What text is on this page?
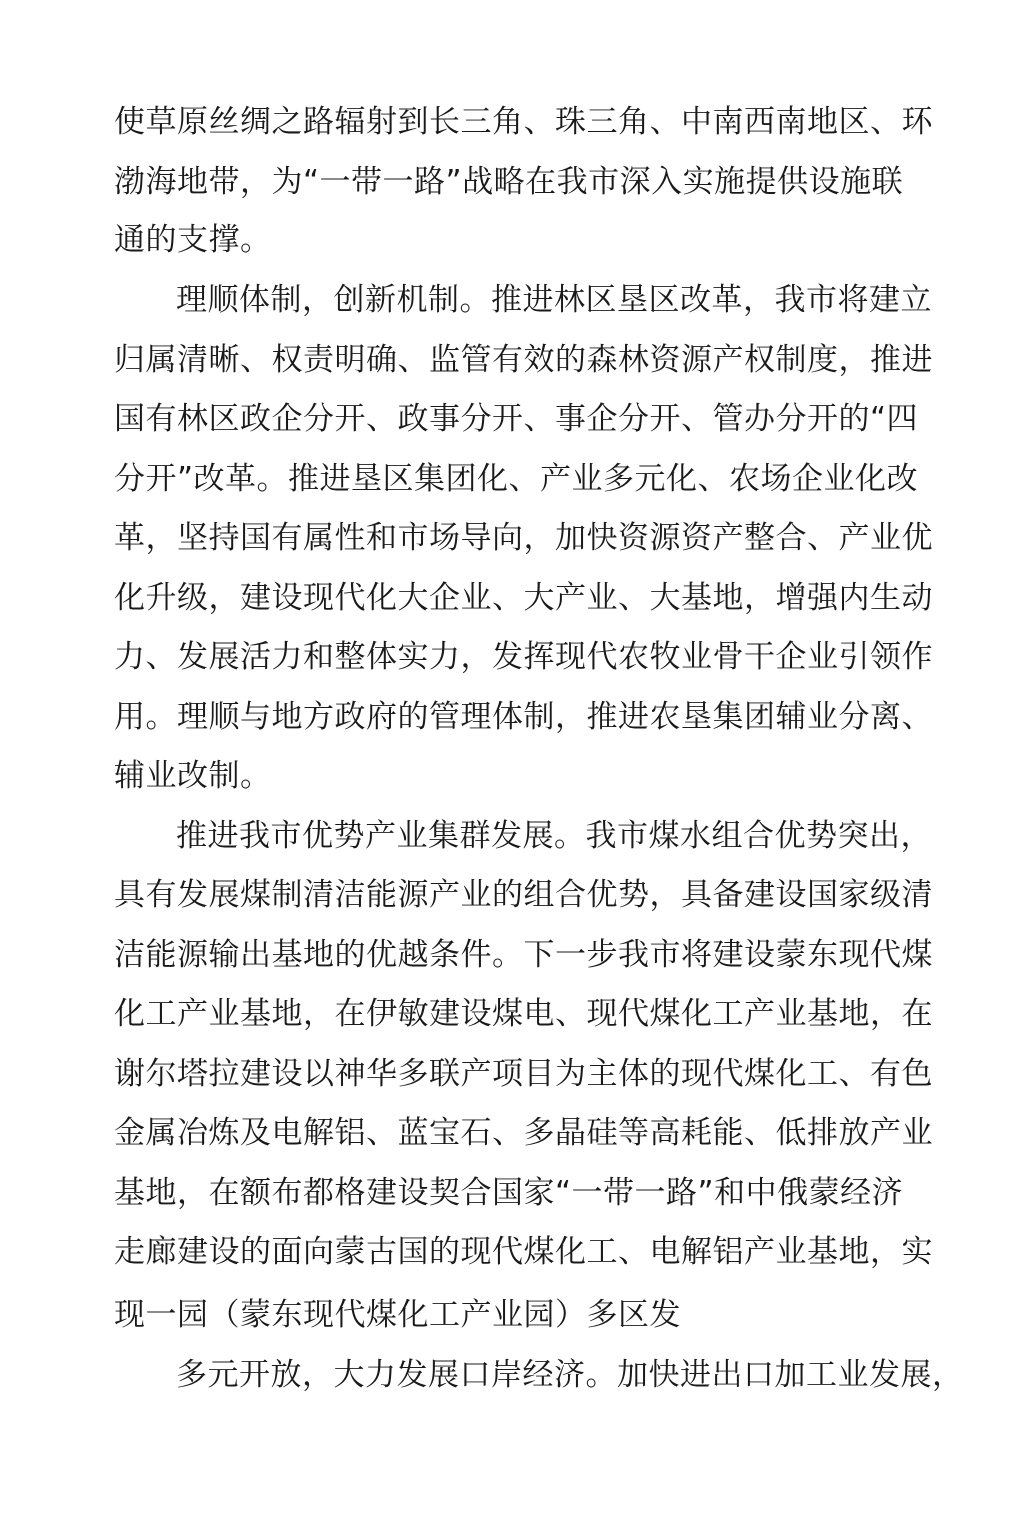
使草原丝绸之路辐射到长三角、珠三角、中南西南地区、环
渤海地带，为“一带一路”战略在我市深入实施提供设施联
通的支撑。
理顺体制，创新机制。推进林区垦区改革，我市将建立
归属清晰、权责明确、监管有效的森林资源产权制度，推进
国有林区政企分开、政事分开、事企分开、管办分开的“四
分开”改革。推进垦区集团化、产业多元化、农场企业化改
革，坚持国有属性和市场导向，加快资源资产整合、产业优
化升级，建设现代化大企业、大产业、大基地，增强内生动
力、发展活力和整体实力，发挥现代农牧业骨干企业引领作
用。理顺与地方政府的管理体制，推进农垦集团辅业分离、
辅业改制。
推进我市优势产业集群发展。我市煤水组合优势突出，
具有发展煤制清洁能源产业的组合优势，具备建设国家级清
洁能源输出基地的优越条件。下一步我市将建设蒙东现代煤
化工产业基地，在伊敏建设煤电、现代煤化工产业基地，在
谢尔塔拉建设以神华多联产项目为主体的现代煤化工、有色
金属冶炼及电解铝、蓝宝石、多晶硅等高耗能、低排放产业
基地，在额布都格建设契合国家“一带一路”和中俄蒙经济
走廊建设的面向蒙古国的现代煤化工、电解铝产业基地，实
现一园（蒙东现代煤化工产业园）多区发
多元开放，大力发展口岸经济。加快进出口加工业发展，
